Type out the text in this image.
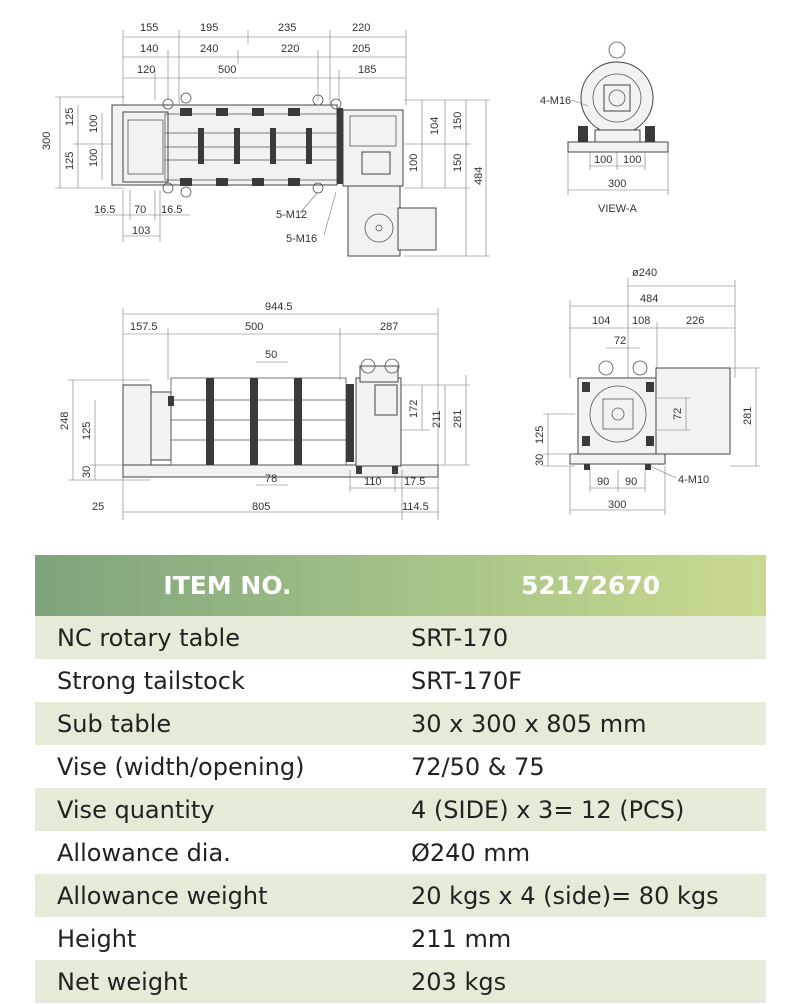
155	195	235	220
140	240	220	205
120	500	185
300
125
125
100
100
104 150
100	150
484
16.5 70 16.5
103
5-M12
5-M16
4-M16
100 100
300
VIEW-A
944.5
157.5	500	287
50
248
125
30
172
211 281
78	110 17.5
25	805	114.5
ø240
484
104 108	226
72
125
30
72	281
90 90
300
4-M10
ITEM NO.	52172670
NC rotary table	SRT-170
Strong tailstock	SRT-170F
Sub table	30 x 300 x 805 mm
Vise (width/opening)	72/50 & 75
Vise quantity	4 (SIDE) x 3= 12 (PCS)
Allowance dia.	Ø240 mm
Allowance weight	20 kgs x 4 (side)= 80 kgs
Height	211 mm
Net weight	203 kgs
